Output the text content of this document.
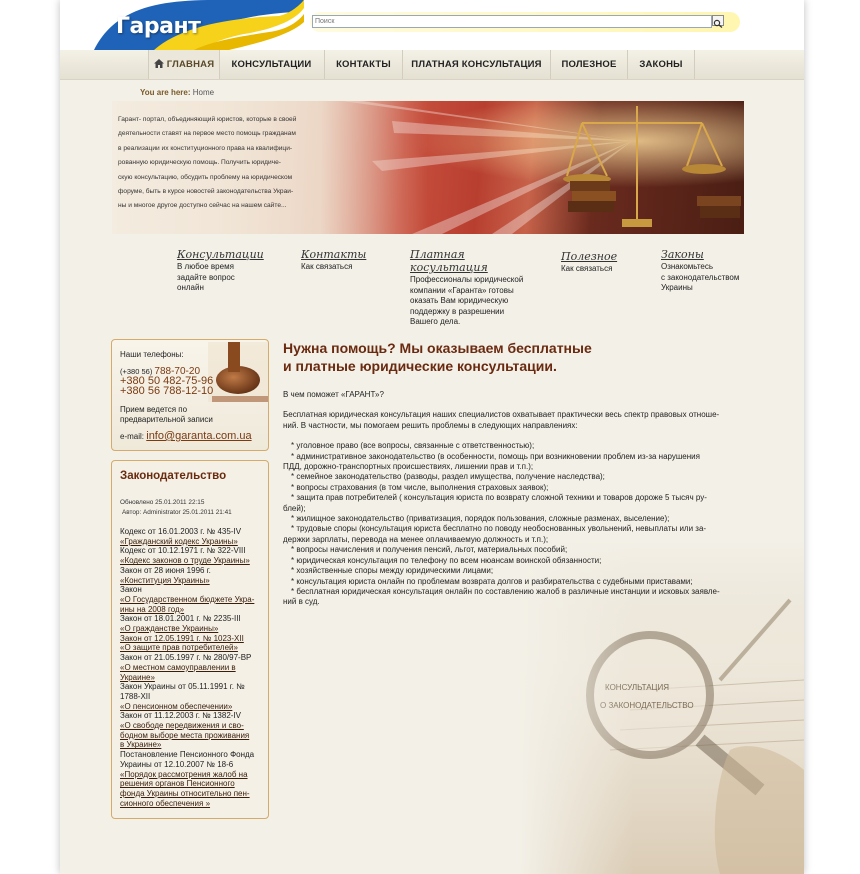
Гарант
Поиск
ГЛАВНАЯ	КОНСУЛЬТАЦИИ	КОНТАКТЫ	ПЛАТНАЯ КОНСУЛЬТАЦИЯ	ПОЛЕЗНОЕ	ЗАКОНЫ
You are here: Home
Гарант- портал, объединяющий юристов, которые в своей
деятельности ставят на первое место помощь гражданам
в реализации их конституционного права на квалифици-
рованную юридическую помощь. Получить юридиче-
скую консультацию, обсудить проблему на юридическом
форуме, быть в курсе новостей законодательства Украи-
ны и многое другое доступно сейчас на нашем сайте...
Консультации
В любое время
задайте вопрос
онлайн
Контакты
Как связаться
Платная
косультация
Профессионалы юридической
компании «Гаранта» готовы
оказать Вам юридическую
поддержку в разрешении
Вашего дела.
Полезное
Как связаться
Законы
Ознакомьтесь
с законодательством
Украины
Наши телефоны:
(+380 56) 788-70-20
+380 50 482-75-96
+380 56 788-12-10
Прием ведется по предварительной записи
e-mail: info@garanta.com.ua
Законодательство
Обновлено 25.01.2011 22:15
Автор: Administrator 25.01.2011 21:41
Кодекс от 16.01.2003 г. № 435-IV
«Гражданский кодекс Украины»
Кодекс от 10.12.1971 г. № 322-VIII
«Кодекс законов о труде Украины»
Закон от 28 июня 1996 г.
«Конституция Украины»
Закон
«О Государственном бюджете Укра-
ины на 2008 год»
Закон от 18.01.2001 г. № 2235-III
«О гражданстве Украины»
Закон от 12.05.1991 г. № 1023-XII
«О защите прав потребителей»
Закон от 21.05.1997 г. № 280/97-ВР
«О местном самоуправлении в
Украине»
Закон Украины от 05.11.1991 г. №
1788-XII
«О пенсионном обеспечении»
Закон от 11.12.2003 г. № 1382-IV
«О свободе передвижения и сво-
бодном выборе места проживания
в Украине»
Постановление Пенсионного Фонда
Украины от 12.10.2007 № 18-6
«Порядок рассмотрения жалоб на
решения органов Пенсионного
фонда Украины относительно пен-
сионного обеспечения »
Нужна помощь? Мы оказываем бесплатные
и платные юридические консультации.

В чем поможет «ГАРАНТ»?

Бесплатная юридическая консультация наших специалистов охватывает практически весь спектр правовых отноше-
ний. В частности, мы помогаем решить проблемы в следующих направлениях:

* уголовное право (все вопросы, связанные с ответственностью);
* административное законодательство (в особенности, помощь при возникновении проблем из-за нарушения
ПДД, дорожно-транспортных происшествиях, лишении прав и т.п.);
* семейное законодательство (разводы, раздел имущества, получение наследства);
* вопросы страхования (в том числе, выполнения страховых заявок);
* защита прав потребителей ( консультация юриста по возврату сложной техники и товаров дороже 5 тысяч ру-
блей);
* жилищное законодательство (приватизация, порядок пользования, сложные разменах, выселение);
* трудовые споры (консультация юриста бесплатно по поводу необоснованных увольнений, невыплаты или за-
держки зарплаты, перевода на менее оплачиваемую должность и т.п.);
* вопросы начисления и получения пенсий, льгот, материальных пособий;
* юридическая консультация по телефону по всем нюансам воинской обязанности;
* хозяйственные споры между юридическими лицами;
* консультация юриста онлайн по проблемам возврата долгов и разбирательства с судебными приставами;
* бесплатная юридическая консультация онлайн по составлению жалоб в различные инстанции и исковых заявле-
ний в суд.
